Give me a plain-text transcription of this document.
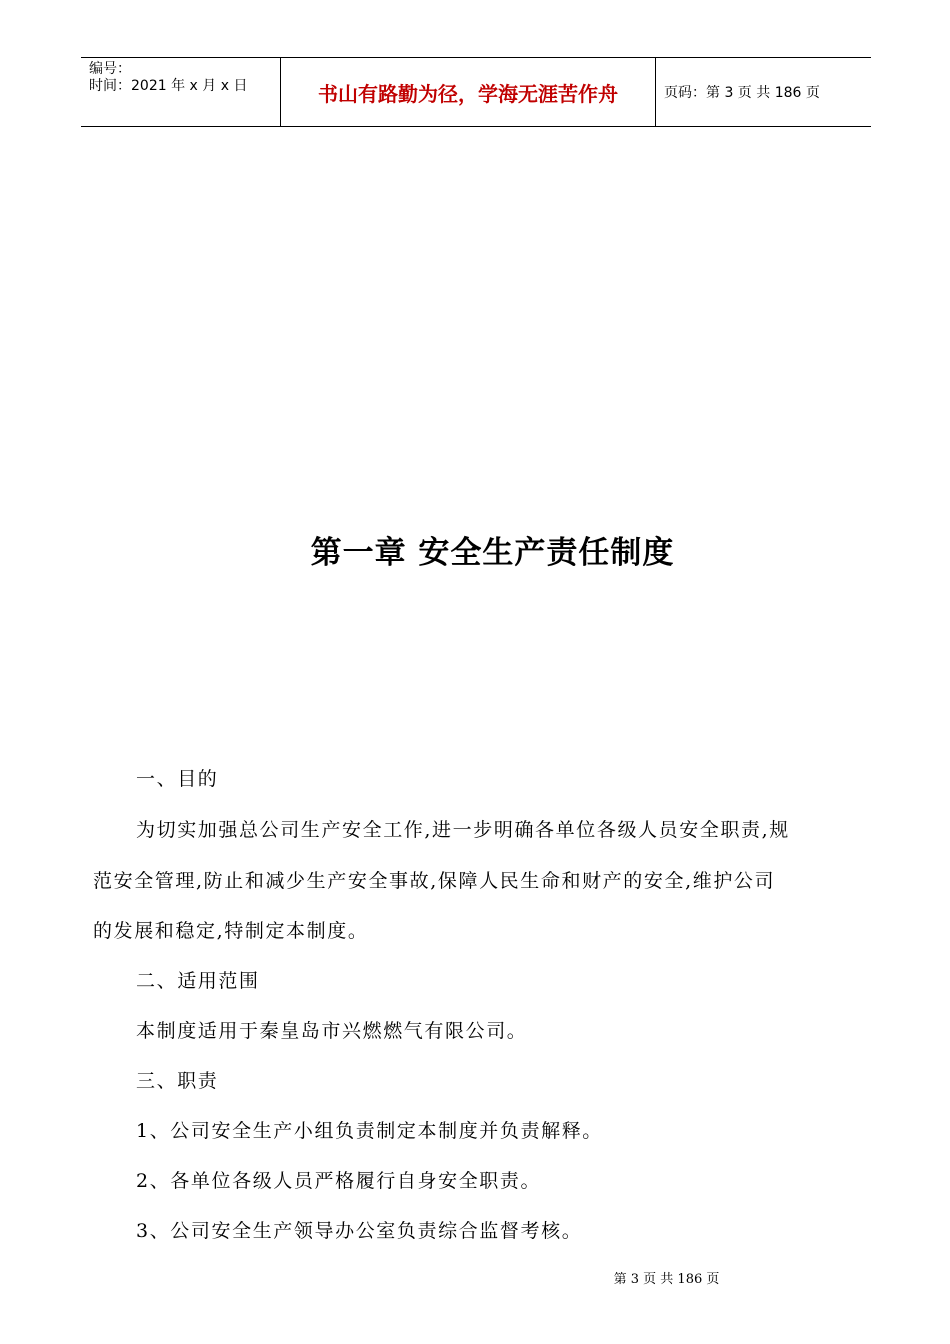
编号：
时间：2021 年 x 月 x 日	书山有路勤为径，学海无涯苦作舟	页码：第 3 页 共 186 页
第一章 安全生产责任制度
一、目的
为切实加强总公司生产安全工作,进一步明确各单位各级人员安全职责,规
范安全管理,防止和减少生产安全事故,保障人民生命和财产的安全,维护公司
的发展和稳定,特制定本制度。
二、适用范围
本制度适用于秦皇岛市兴燃燃气有限公司。
三、职责
1、公司安全生产小组负责制定本制度并负责解释。
2、各单位各级人员严格履行自身安全职责。
3、公司安全生产领导办公室负责综合监督考核。
第 3 页 共 186 页
